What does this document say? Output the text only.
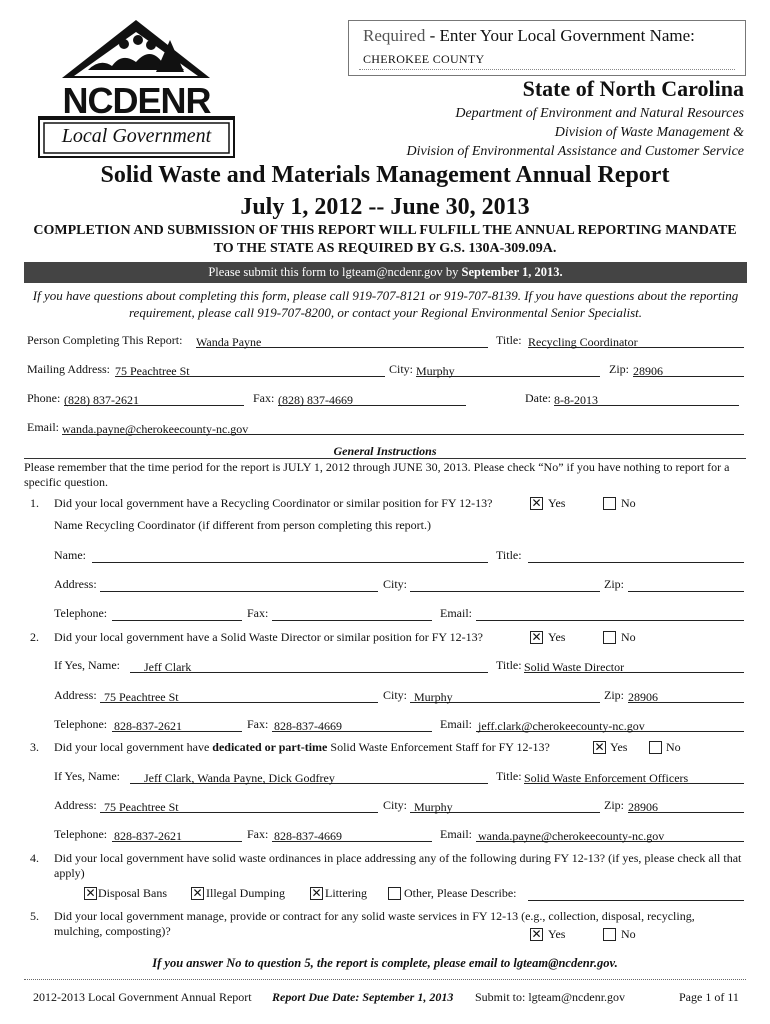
NCDENR
Local Government
Required - Enter Your Local Government Name:
CHEROKEE COUNTY
State of North Carolina
Department of Environment and Natural Resources
Division of Waste Management &
Division of Environmental Assistance and Customer Service
Solid Waste and Materials Management Annual Report
July 1, 2012 -- June 30, 2013
COMPLETION AND SUBMISSION OF THIS REPORT WILL FULFILL THE ANNUAL REPORTING MANDATE TO THE STATE AS REQUIRED BY G.S. 130A-309.09A.
Please submit this form to lgteam@ncdenr.gov by September 1, 2013.
If you have questions about completing this form, please call 919-707-8121 or 919-707-8139. If you have questions about the reporting requirement, please call 919-707-8200, or contact your Regional Environmental Senior Specialist.
Person Completing This Report: Wanda Payne	Title: Recycling Coordinator
Mailing Address: 75 Peachtree St	City: Murphy	Zip: 28906
Phone: (828) 837-2621	Fax: (828) 837-4669	Date: 8-8-2013
Email: wanda.payne@cherokeecounty-nc.gov
General Instructions
Please remember that the time period for the report is JULY 1, 2012 through JUNE 30, 2013. Please check “No” if you have nothing to report for a specific question.
1. Did your local government have a Recycling Coordinator or similar position for FY 12-13?	✕ Yes	No
Name Recycling Coordinator (if different from person completing this report.)
Name:	Title:
Address:	City:	Zip:
Telephone:	Fax:	Email:
2. Did your local government have a Solid Waste Director or similar position for FY 12-13?	✕ Yes	No
If Yes, Name:	Jeff Clark	Title: Solid Waste Director
Address: 75 Peachtree St	City: Murphy	Zip: 28906
Telephone: 828-837-2621	Fax: 828-837-4669	Email: jeff.clark@cherokeecounty-nc.gov
3. Did your local government have dedicated or part-time Solid Waste Enforcement Staff for FY 12-13?	✕ Yes	No
If Yes, Name:	Jeff Clark, Wanda Payne, Dick Godfrey	Title: Solid Waste Enforcement Officers
Address: 75 Peachtree St	City: Murphy	Zip: 28906
Telephone: 828-837-2621	Fax: 828-837-4669	Email: wanda.payne@cherokeecounty-nc.gov
4. Did your local government have solid waste ordinances in place addressing any of the following during FY 12-13? (if yes, please check all that apply)
✕ Disposal Bans ✕ Illegal Dumping ✕ Littering	Other, Please Describe:
5. Did your local government manage, provide or contract for any solid waste services in FY 12-13 (e.g., collection, disposal, recycling, mulching, composting)?	✕ Yes	No
If you answer No to question 5, the report is complete, please email to lgteam@ncdenr.gov.
2012-2013 Local Government Annual Report Report Due Date: September 1, 2013 Submit to: lgteam@ncdenr.gov	Page 1 of 11
